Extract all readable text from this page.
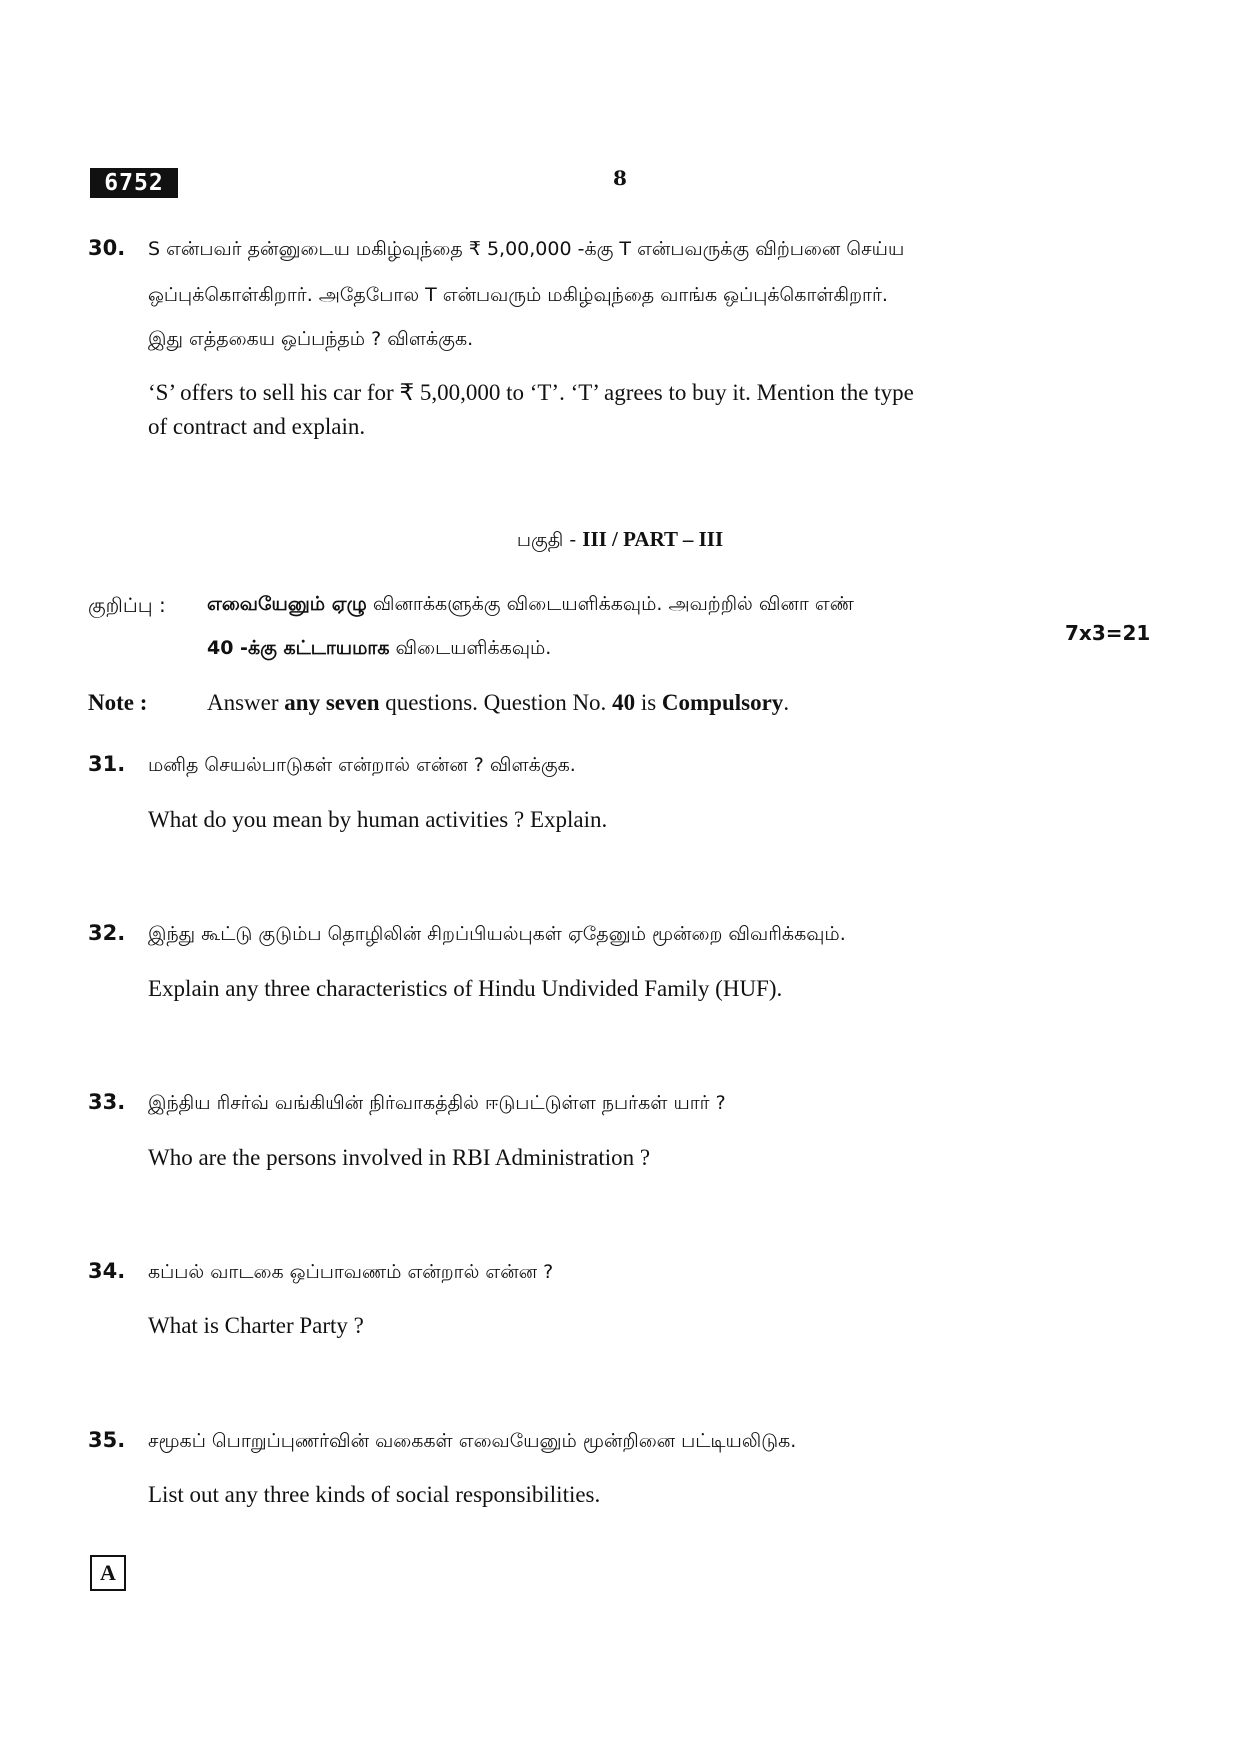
6752	8
30. S என்பவர் தன்னுடைய மகிழ்வுந்தை ₹ 5,00,000 -க்கு T என்பவருக்கு விற்பனை செய்ய
ஒப்புக்கொள்கிறார். அதேபோல T என்பவரும் மகிழ்வுந்தை வாங்க ஒப்புக்கொள்கிறார்.
இது எத்தகைய ஒப்பந்தம் ? விளக்குக.
‘S’ offers to sell his car for ₹ 5,00,000 to ‘T’. ‘T’ agrees to buy it. Mention the type
of contract and explain.
பகுதி - III / PART – III
குறிப்பு : எவையேனும் ஏழு வினாக்களுக்கு விடையளிக்கவும். அவற்றில் வினா எண்
40 -க்கு கட்டாயமாக விடையளிக்கவும்.
7x3=21
Note :	Answer any seven questions. Question No. 40 is Compulsory.
31. மனித செயல்பாடுகள் என்றால் என்ன ? விளக்குக.
What do you mean by human activities ? Explain.
32. இந்து கூட்டு குடும்ப தொழிலின் சிறப்பியல்புகள் ஏதேனும் மூன்றை விவரிக்கவும்.
Explain any three characteristics of Hindu Undivided Family (HUF).
33. இந்திய ரிசர்வ் வங்கியின் நிர்வாகத்தில் ஈடுபட்டுள்ள நபர்கள் யார் ?
Who are the persons involved in RBI Administration ?
34. கப்பல் வாடகை ஒப்பாவணம் என்றால் என்ன ?
What is Charter Party ?
35. சமூகப் பொறுப்புணர்வின் வகைகள் எவையேனும் மூன்றினை பட்டியலிடுக.
List out any three kinds of social responsibilities.
A
